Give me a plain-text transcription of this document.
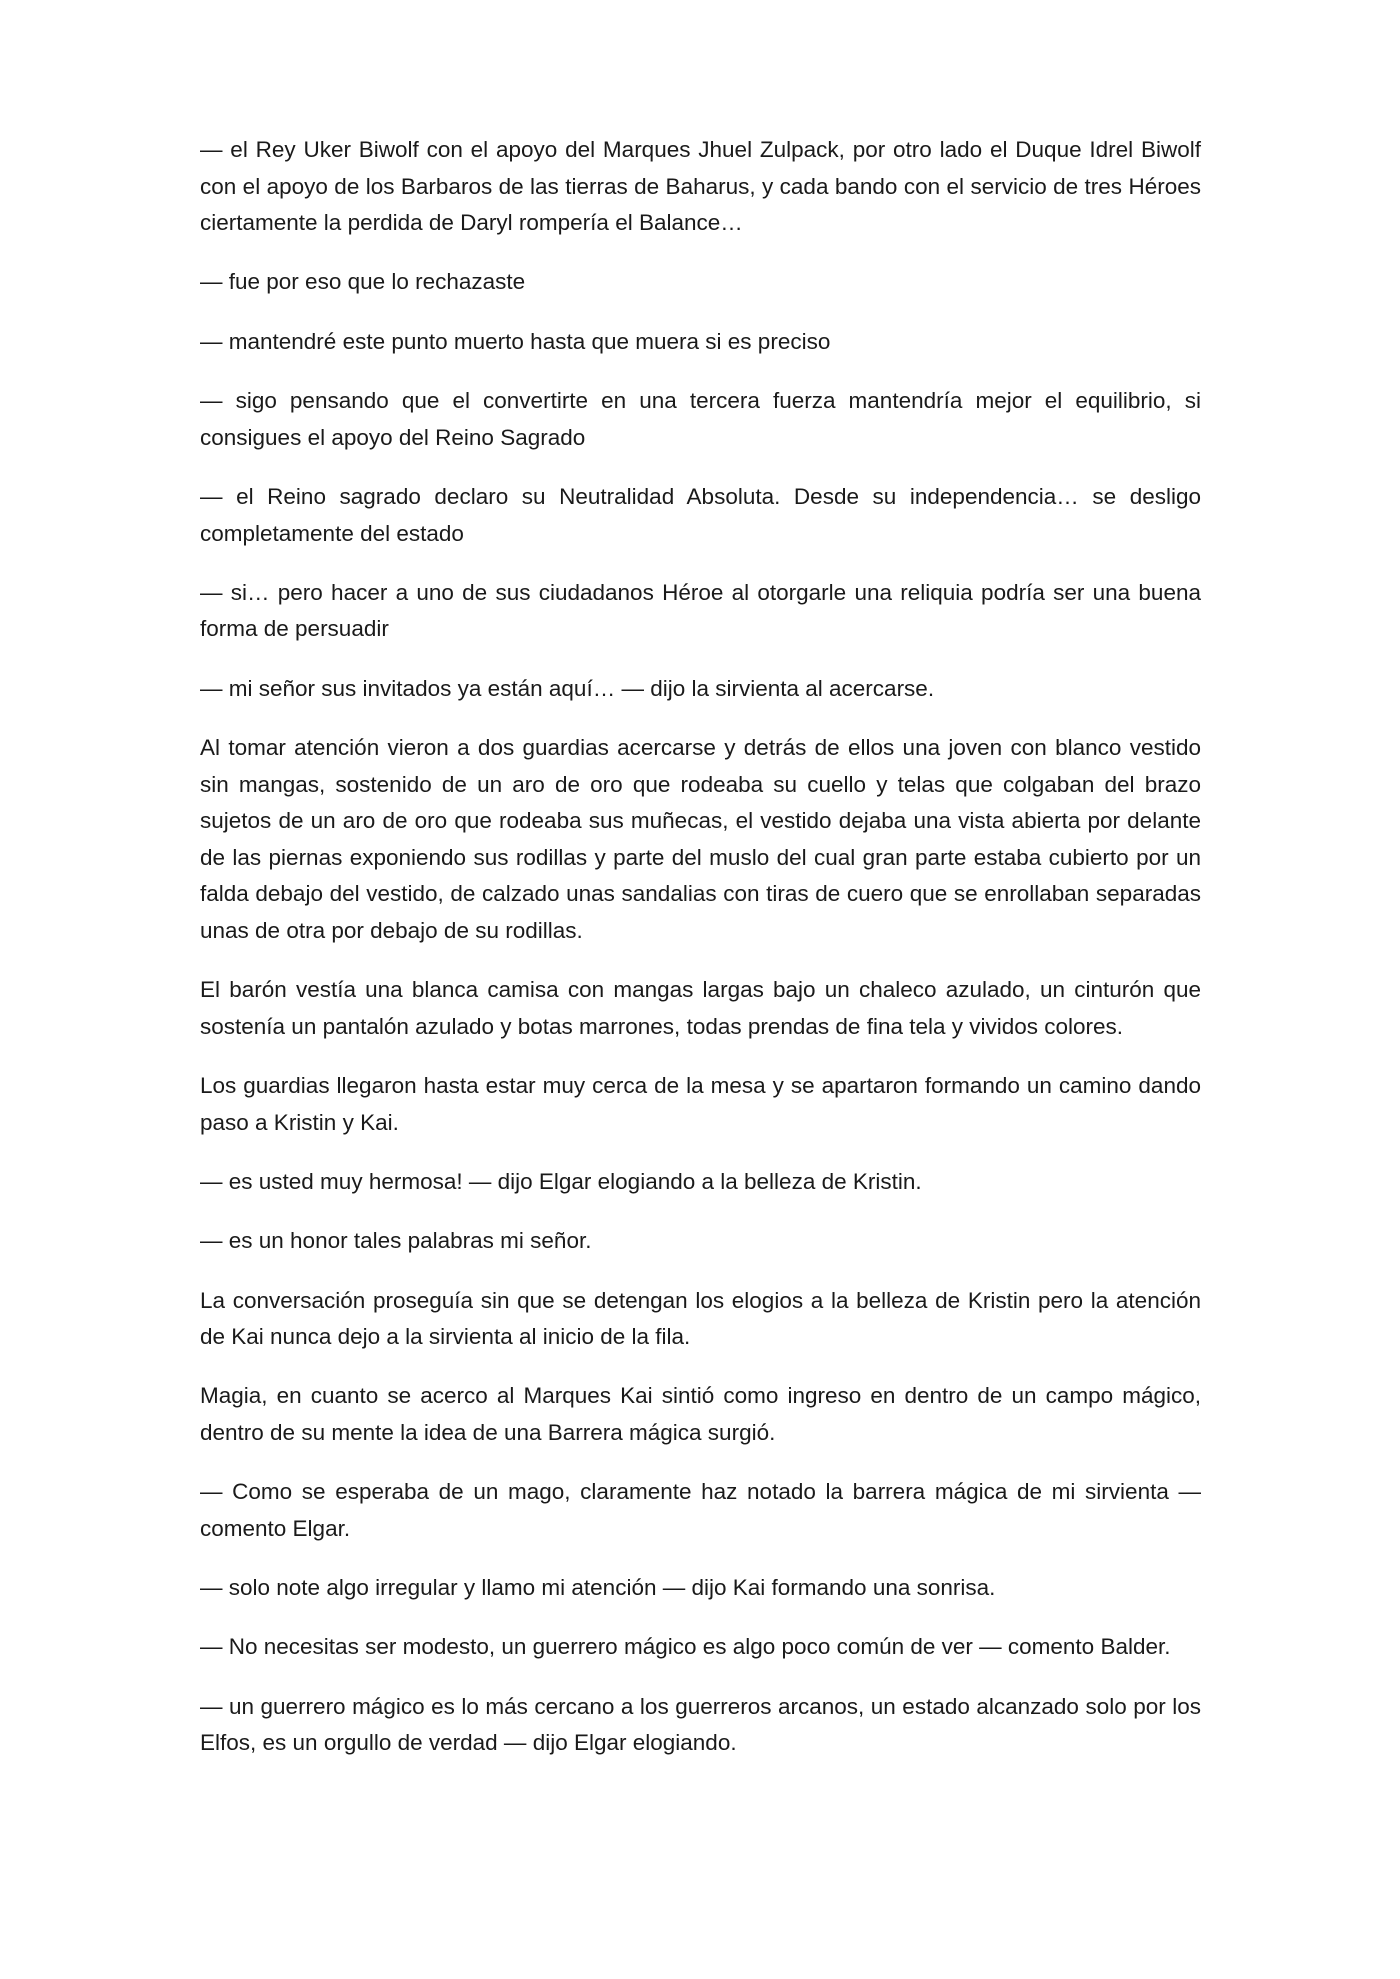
— el Rey Uker Biwolf con el apoyo del Marques Jhuel Zulpack, por otro lado el Duque Idrel Biwolf con el apoyo de los Barbaros de las tierras de Baharus, y cada bando con el servicio de tres Héroes ciertamente la perdida de Daryl rompería el Balance…

— fue por eso que lo rechazaste

— mantendré este punto muerto hasta que muera si es preciso

— sigo pensando que el convertirte en una tercera fuerza mantendría mejor el equilibrio, si consigues el apoyo del Reino Sagrado

— el Reino sagrado declaro su Neutralidad Absoluta. Desde su independencia… se desligo completamente del estado

— si… pero hacer a uno de sus ciudadanos Héroe al otorgarle una reliquia podría ser una buena forma de persuadir

— mi señor sus invitados ya están aquí… — dijo la sirvienta al acercarse.

Al tomar atención vieron a dos guardias acercarse y detrás de ellos una joven con blanco vestido sin mangas, sostenido de un aro de oro que rodeaba su cuello y telas que colgaban del brazo sujetos de un aro de oro que rodeaba sus muñecas, el vestido dejaba una vista abierta por delante de las piernas exponiendo sus rodillas y parte del muslo del cual gran parte estaba cubierto por un falda debajo del vestido, de calzado unas sandalias con tiras de cuero que se enrollaban separadas unas de otra por debajo de su rodillas.

El barón vestía una blanca camisa con mangas largas bajo un chaleco azulado, un cinturón que sostenía un pantalón azulado y botas marrones, todas prendas de fina tela y vividos colores.

Los guardias llegaron hasta estar muy cerca de la mesa y se apartaron formando un camino dando paso a Kristin y Kai.

— es usted muy hermosa! — dijo Elgar elogiando a la belleza de Kristin.

— es un honor tales palabras mi señor.

La conversación proseguía sin que se detengan los elogios a la belleza de Kristin pero la atención de Kai nunca dejo a la sirvienta al inicio de la fila.

Magia, en cuanto se acerco al Marques Kai sintió como ingreso en dentro de un campo mágico, dentro de su mente la idea de una Barrera mágica surgió.

— Como se esperaba de un mago, claramente haz notado la barrera mágica de mi sirvienta — comento Elgar.

— solo note algo irregular y llamo mi atención — dijo Kai formando una sonrisa.

— No necesitas ser modesto, un guerrero mágico es algo poco común de ver — comento Balder.

— un guerrero mágico es lo más cercano a los guerreros arcanos, un estado alcanzado solo por los Elfos, es un orgullo de verdad — dijo Elgar elogiando.
